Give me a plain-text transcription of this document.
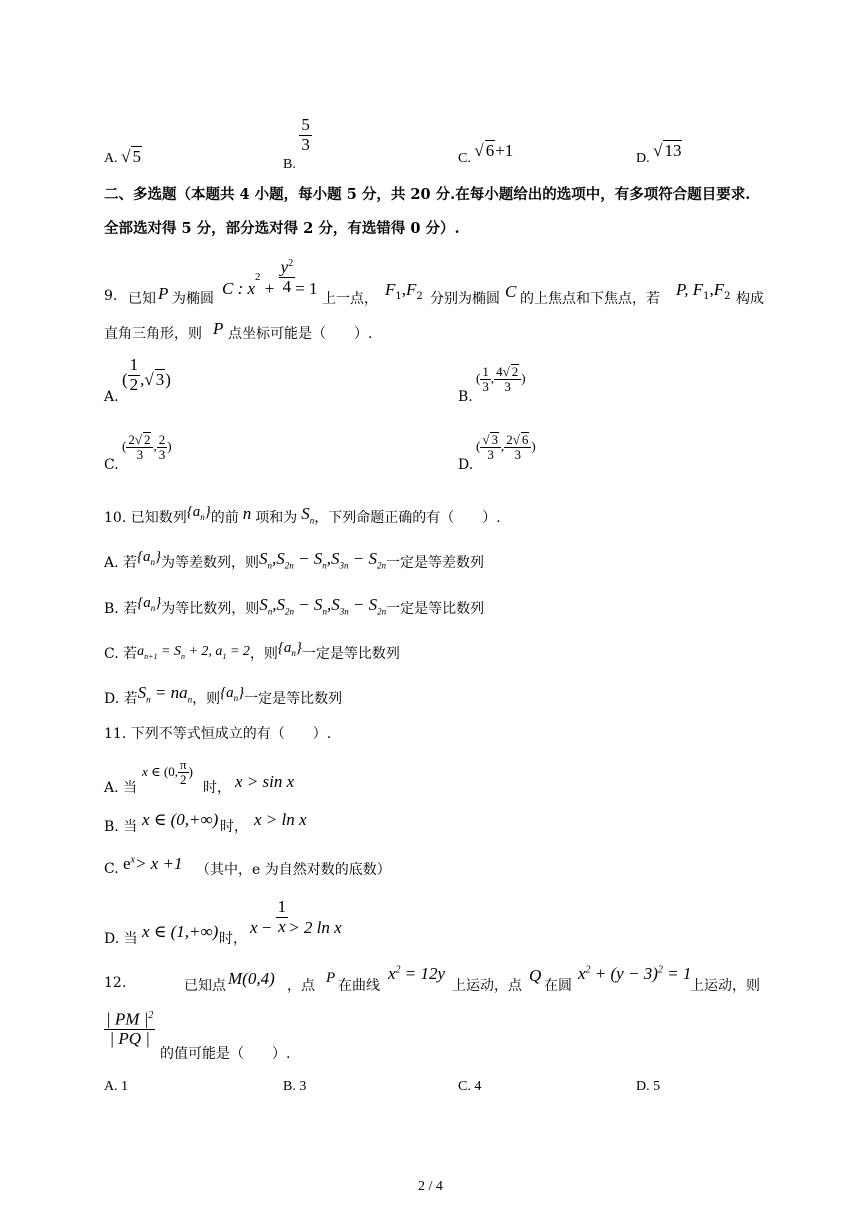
A. √ 5	B.
$\frac{5}{3}$
C. √ 6+1	D. √ 13
二、多选题（本题共 4 小题，每小题 5 分，共 20 分.在每小题给出的选项中，有多项符合题目要求.
全部选对得 5 分，部分选对得 2 分，有选错得 0 分）.
9. 已知 P 为椭圆
C : $x^2 + \frac{y^2}{4} = 1$
上一点， $F_1,F_2$ 分别为椭圆 C 的上焦点和下焦点，若 P, $F_1,F_2$ 构成
直角三角形，则 P 点坐标可能是（　　）.
A.
( $\frac{1}{2}$ ,√ 3)
B.
( $\frac{1}{3}$ , $\frac{4√ 2}{3}$ )
C.
( $\frac{2√ 2}{3}$ , $\frac{2}{3}$ )
D.
( $\frac{√ 3}{3}$ , $\frac{2√ 6}{3}$ )
10. 已知数列$\{a_n\}$的前 n 项和为 $S_n$，下列命题正确的有（　　）.
A. 若$\{a_n\}$为等差数列，则$S_n,S_{2n} - S_n,S_{3n} - S_{2n}$一定是等差数列
B. 若$\{a_n\}$为等比数列，则$S_n,S_{2n} - S_n,S_{3n} - S_{2n}$一定是等比数列
C. 若$a_{n+1} = S_n + 2$, $a_1 = 2$，则$\{a_n\}$一定是等比数列
D. 若$S_n = na_n$，则$\{a_n\}$一定是等比数列
11. 下列不等式恒成立的有（　　）.
A. 当
x ∈ (0, $\frac{\pi}{2}$ )
时， x > sin x
B. 当 x ∈ (0,+∞) 时， x > ln x
C. $e^x> x +1$ （其中，e 为自然对数的底数）
D. 当 x ∈ (1,+∞) 时，
$x - \frac{1}{x} > 2$ ln x
12.	已知点 M(0,4) ，点 P 在曲线
$x^2 = 12y$
上运动，点
Q
在圆
$x^2 + (y - 3)^2 = 1$
上运动，则
$\frac{| PM |^2}{| PQ |}$
的值可能是（　　）.
A. 1	B. 3	C. 4	D. 5
2 / 4
